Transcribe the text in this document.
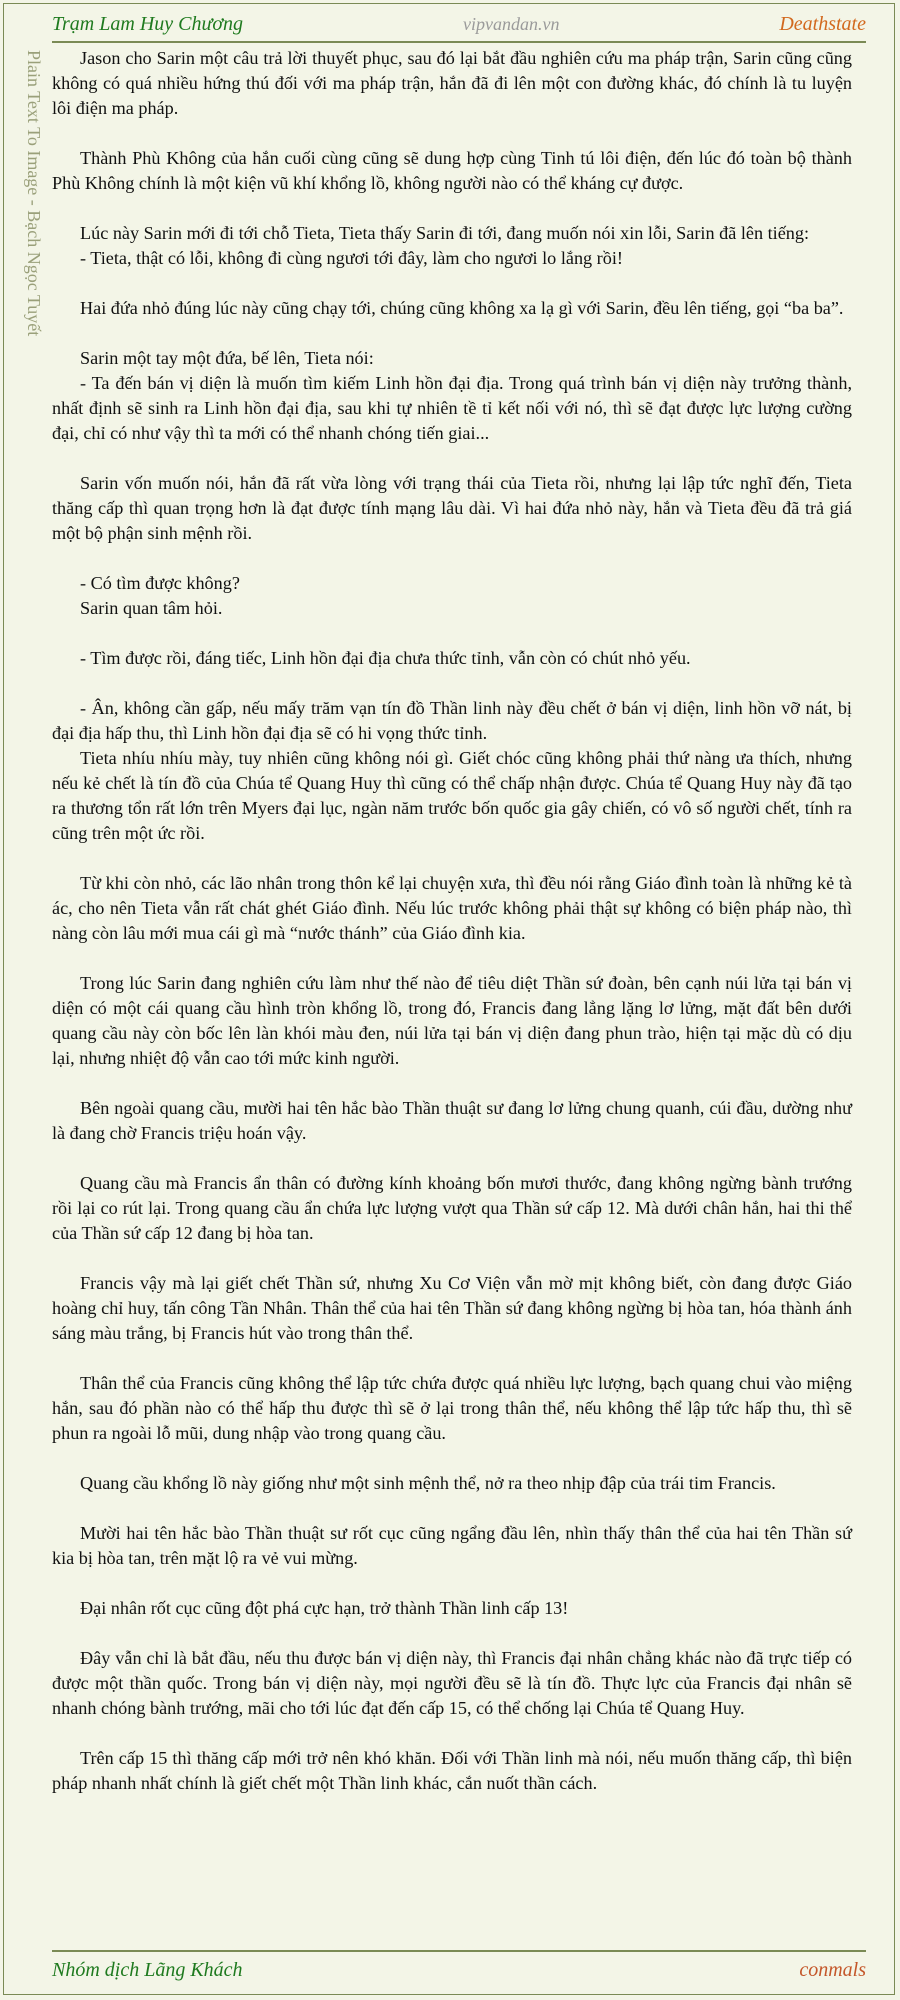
Trạm Lam Huy Chương	vipvandan.vn	Deathstate
Plain Text To Image - Bạch Ngọc Tuyết	Jason cho Sarin một câu trả lời thuyết phục, sau đó lại bắt đầu nghiên cứu ma pháp trận, Sarin cũng cũng không có quá nhiều hứng thú đối với ma pháp trận, hắn đã đi lên một con đường khác, đó chính là tu luyện lôi điện ma pháp.

Thành Phù Không của hắn cuối cùng cũng sẽ dung hợp cùng Tinh tú lôi điện, đến lúc đó toàn bộ thành Phù Không chính là một kiện vũ khí khổng lồ, không người nào có thể kháng cự được.

Lúc này Sarin mới đi tới chỗ Tieta, Tieta thấy Sarin đi tới, đang muốn nói xin lỗi, Sarin đã lên tiếng:

- Tieta, thật có lỗi, không đi cùng ngươi tới đây, làm cho ngươi lo lắng rồi!

Hai đứa nhỏ đúng lúc này cũng chạy tới, chúng cũng không xa lạ gì với Sarin, đều lên tiếng, gọi “ba ba”.

Sarin một tay một đứa, bế lên, Tieta nói:

- Ta đến bán vị diện là muốn tìm kiếm Linh hồn đại địa. Trong quá trình bán vị diện này trưởng thành, nhất định sẽ sinh ra Linh hồn đại địa, sau khi tự nhiên tề tỉ kết nối với nó, thì sẽ đạt được lực lượng cường đại, chỉ có như vậy thì ta mới có thể nhanh chóng tiến giai...

Sarin vốn muốn nói, hắn đã rất vừa lòng với trạng thái của Tieta rồi, nhưng lại lập tức nghĩ đến, Tieta thăng cấp thì quan trọng hơn là đạt được tính mạng lâu dài. Vì hai đứa nhỏ này, hắn và Tieta đều đã trả giá một bộ phận sinh mệnh rồi.

- Có tìm được không?

Sarin quan tâm hỏi.

- Tìm được rồi, đáng tiếc, Linh hồn đại địa chưa thức tỉnh, vẫn còn có chút nhỏ yếu.

- Ân, không cần gấp, nếu mấy trăm vạn tín đồ Thần linh này đều chết ở bán vị diện, linh hồn vỡ nát, bị đại địa hấp thu, thì Linh hồn đại địa sẽ có hi vọng thức tỉnh.

Tieta nhíu nhíu mày, tuy nhiên cũng không nói gì. Giết chóc cũng không phải thứ nàng ưa thích, nhưng nếu kẻ chết là tín đồ của Chúa tể Quang Huy thì cũng có thể chấp nhận được. Chúa tể Quang Huy này đã tạo ra thương tổn rất lớn trên Myers đại lục, ngàn năm trước bốn quốc gia gây chiến, có vô số người chết, tính ra cũng trên một ức rồi.

Từ khi còn nhỏ, các lão nhân trong thôn kể lại chuyện xưa, thì đều nói rằng Giáo đình toàn là những kẻ tà ác, cho nên Tieta vẫn rất chát ghét Giáo đình. Nếu lúc trước không phải thật sự không có biện pháp nào, thì nàng còn lâu mới mua cái gì mà “nước thánh” của Giáo đình kia.

Trong lúc Sarin đang nghiên cứu làm như thế nào để tiêu diệt Thần sứ đoàn, bên cạnh núi lửa tại bán vị diện có một cái quang cầu hình tròn khổng lồ, trong đó, Francis đang lẳng lặng lơ lửng, mặt đất bên dưới quang cầu này còn bốc lên làn khói màu đen, núi lửa tại bán vị diện đang phun trào, hiện tại mặc dù có dịu lại, nhưng nhiệt độ vẫn cao tới mức kinh người.

Bên ngoài quang cầu, mười hai tên hắc bào Thần thuật sư đang lơ lửng chung quanh, cúi đầu, dường như là đang chờ Francis triệu hoán vậy.

Quang cầu mà Francis ẩn thân có đường kính khoảng bốn mươi thước, đang không ngừng bành trướng rồi lại co rút lại. Trong quang cầu ẩn chứa lực lượng vượt qua Thần sứ cấp 12. Mà dưới chân hắn, hai thi thể của Thần sứ cấp 12 đang bị hòa tan.

Francis vậy mà lại giết chết Thần sứ, nhưng Xu Cơ Viện vẫn mờ mịt không biết, còn đang được Giáo hoàng chỉ huy, tấn công Tần Nhân. Thân thể của hai tên Thần sứ đang không ngừng bị hòa tan, hóa thành ánh sáng màu trắng, bị Francis hút vào trong thân thể.

Thân thể của Francis cũng không thể lập tức chứa được quá nhiều lực lượng, bạch quang chui vào miệng hắn, sau đó phần nào có thể hấp thu được thì sẽ ở lại trong thân thể, nếu không thể lập tức hấp thu, thì sẽ phun ra ngoài lỗ mũi, dung nhập vào trong quang cầu.

Quang cầu khổng lồ này giống như một sinh mệnh thể, nở ra theo nhịp đập của trái tim Francis.

Mười hai tên hắc bào Thần thuật sư rốt cục cũng ngẩng đầu lên, nhìn thấy thân thể của hai tên Thần sứ kia bị hòa tan, trên mặt lộ ra vẻ vui mừng.

Đại nhân rốt cục cũng đột phá cực hạn, trở thành Thần linh cấp 13!

Đây vẫn chỉ là bắt đầu, nếu thu được bán vị diện này, thì Francis đại nhân chẳng khác nào đã trực tiếp có được một thần quốc. Trong bán vị diện này, mọi người đều sẽ là tín đồ. Thực lực của Francis đại nhân sẽ nhanh chóng bành trướng, mãi cho tới lúc đạt đến cấp 15, có thể chống lại Chúa tể Quang Huy.

Trên cấp 15 thì thăng cấp mới trở nên khó khăn. Đối với Thần linh mà nói, nếu muốn thăng cấp, thì biện pháp nhanh nhất chính là giết chết một Thần linh khác, cắn nuốt thần cách.

Nhóm dịch Lãng Khách	conmals
